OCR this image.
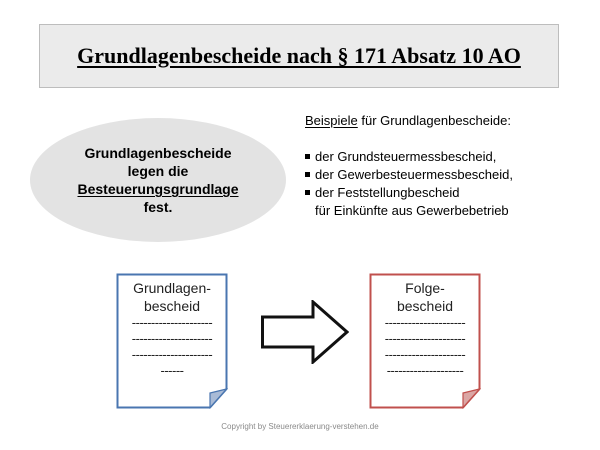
Grundlagenbescheide nach § 171 Absatz 10 AO
Grundlagenbescheide
legen die
Besteuerungsgrundlage
fest.
Beispiele für Grundlagenbescheide:
der Grundsteuermessbescheid,
der Gewerbesteuermessbescheid,
der Feststellungbescheid
für Einkünfte aus Gewerbebetrieb
Grundlagen-
bescheid
---------------------
---------------------
---------------------
------
Folge-
bescheid
---------------------
---------------------
---------------------
--------------------
Copyright by Steuererklaerung-verstehen.de
